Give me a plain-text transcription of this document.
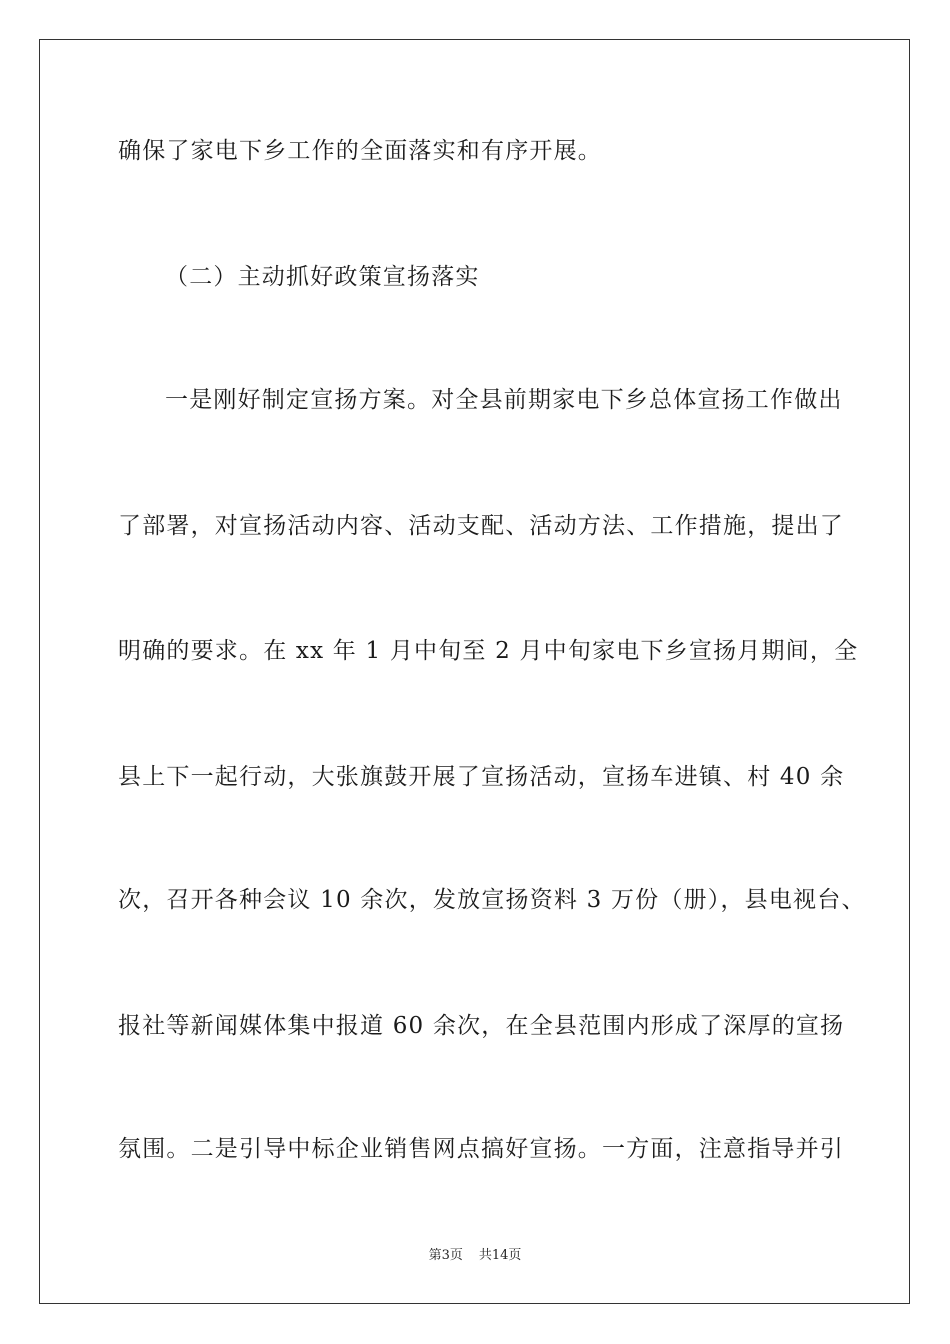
确保了家电下乡工作的全面落实和有序开展。
（二）主动抓好政策宣扬落实
一是刚好制定宣扬方案。对全县前期家电下乡总体宣扬工作做出
了部署，对宣扬活动内容、活动支配、活动方法、工作措施，提出了
明确的要求。在 xx 年 1 月中旬至 2 月中旬家电下乡宣扬月期间，全
县上下一起行动，大张旗鼓开展了宣扬活动，宣扬车进镇、村 40 余
次，召开各种会议 10 余次，发放宣扬资料 3 万份（册），县电视台、
报社等新闻媒体集中报道 60 余次，在全县范围内形成了深厚的宣扬
氛围。二是引导中标企业销售网点搞好宣扬。一方面，注意指导并引
第3页 共14页
